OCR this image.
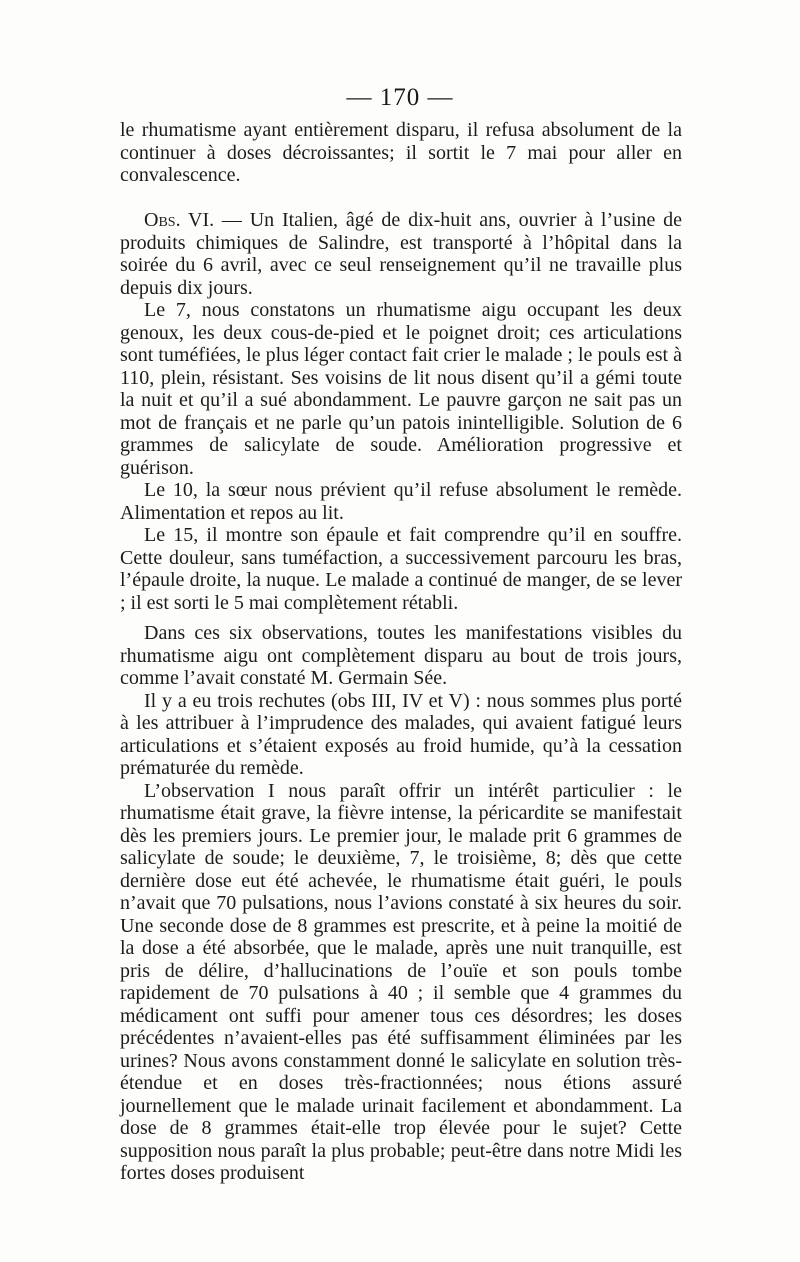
— 170 —

le rhumatisme ayant entièrement disparu, il refusa absolument de la continuer à doses décroissantes; il sortit le 7 mai pour aller en convalescence.

Obs. VI. — Un Italien, âgé de dix-huit ans, ouvrier à l’usine de produits chimiques de Salindre, est transporté à l’hôpital dans la soirée du 6 avril, avec ce seul renseignement qu’il ne travaille plus depuis dix jours.

Le 7, nous constatons un rhumatisme aigu occupant les deux genoux, les deux cous-de-pied et le poignet droit; ces articulations sont tuméfiées, le plus léger contact fait crier le malade ; le pouls est à 110, plein, résistant. Ses voisins de lit nous disent qu’il a gémi toute la nuit et qu’il a sué abondamment. Le pauvre garçon ne sait pas un mot de français et ne parle qu’un patois inintelligible. Solution de 6 grammes de salicylate de soude. Amélioration progressive et guérison.

Le 10, la sœur nous prévient qu’il refuse absolument le remède. Alimentation et repos au lit.

Le 15, il montre son épaule et fait comprendre qu’il en souffre. Cette douleur, sans tuméfaction, a successivement parcouru les bras, l’épaule droite, la nuque. Le malade a continué de manger, de se lever ; il est sorti le 5 mai complètement rétabli.

Dans ces six observations, toutes les manifestations visibles du rhumatisme aigu ont complètement disparu au bout de trois jours, comme l’avait constaté M. Germain Sée.

Il y a eu trois rechutes (obs III, IV et V) : nous sommes plus porté à les attribuer à l’imprudence des malades, qui avaient fatigué leurs articulations et s’étaient exposés au froid humide, qu’à la cessation prématurée du remède.

L’observation I nous paraît offrir un intérêt particulier : le rhumatisme était grave, la fièvre intense, la péricardite se manifestait dès les premiers jours. Le premier jour, le malade prit 6 grammes de salicylate de soude; le deuxième, 7, le troisième, 8; dès que cette dernière dose eut été achevée, le rhumatisme était guéri, le pouls n’avait que 70 pulsations, nous l’avions constaté à six heures du soir. Une seconde dose de 8 grammes est prescrite, et à peine la moitié de la dose a été absorbée, que le malade, après une nuit tranquille, est pris de délire, d’hallucinations de l’ouïe et son pouls tombe rapidement de 70 pulsations à 40 ; il semble que 4 grammes du médicament ont suffi pour amener tous ces désordres; les doses précédentes n’avaient-elles pas été suffisamment éliminées par les urines? Nous avons constamment donné le salicylate en solution très-étendue et en doses très-fractionnées; nous étions assuré journellement que le malade urinait facilement et abondamment. La dose de 8 grammes était-elle trop élevée pour le sujet? Cette supposition nous paraît la plus probable; peut-être dans notre Midi les fortes doses produisent
